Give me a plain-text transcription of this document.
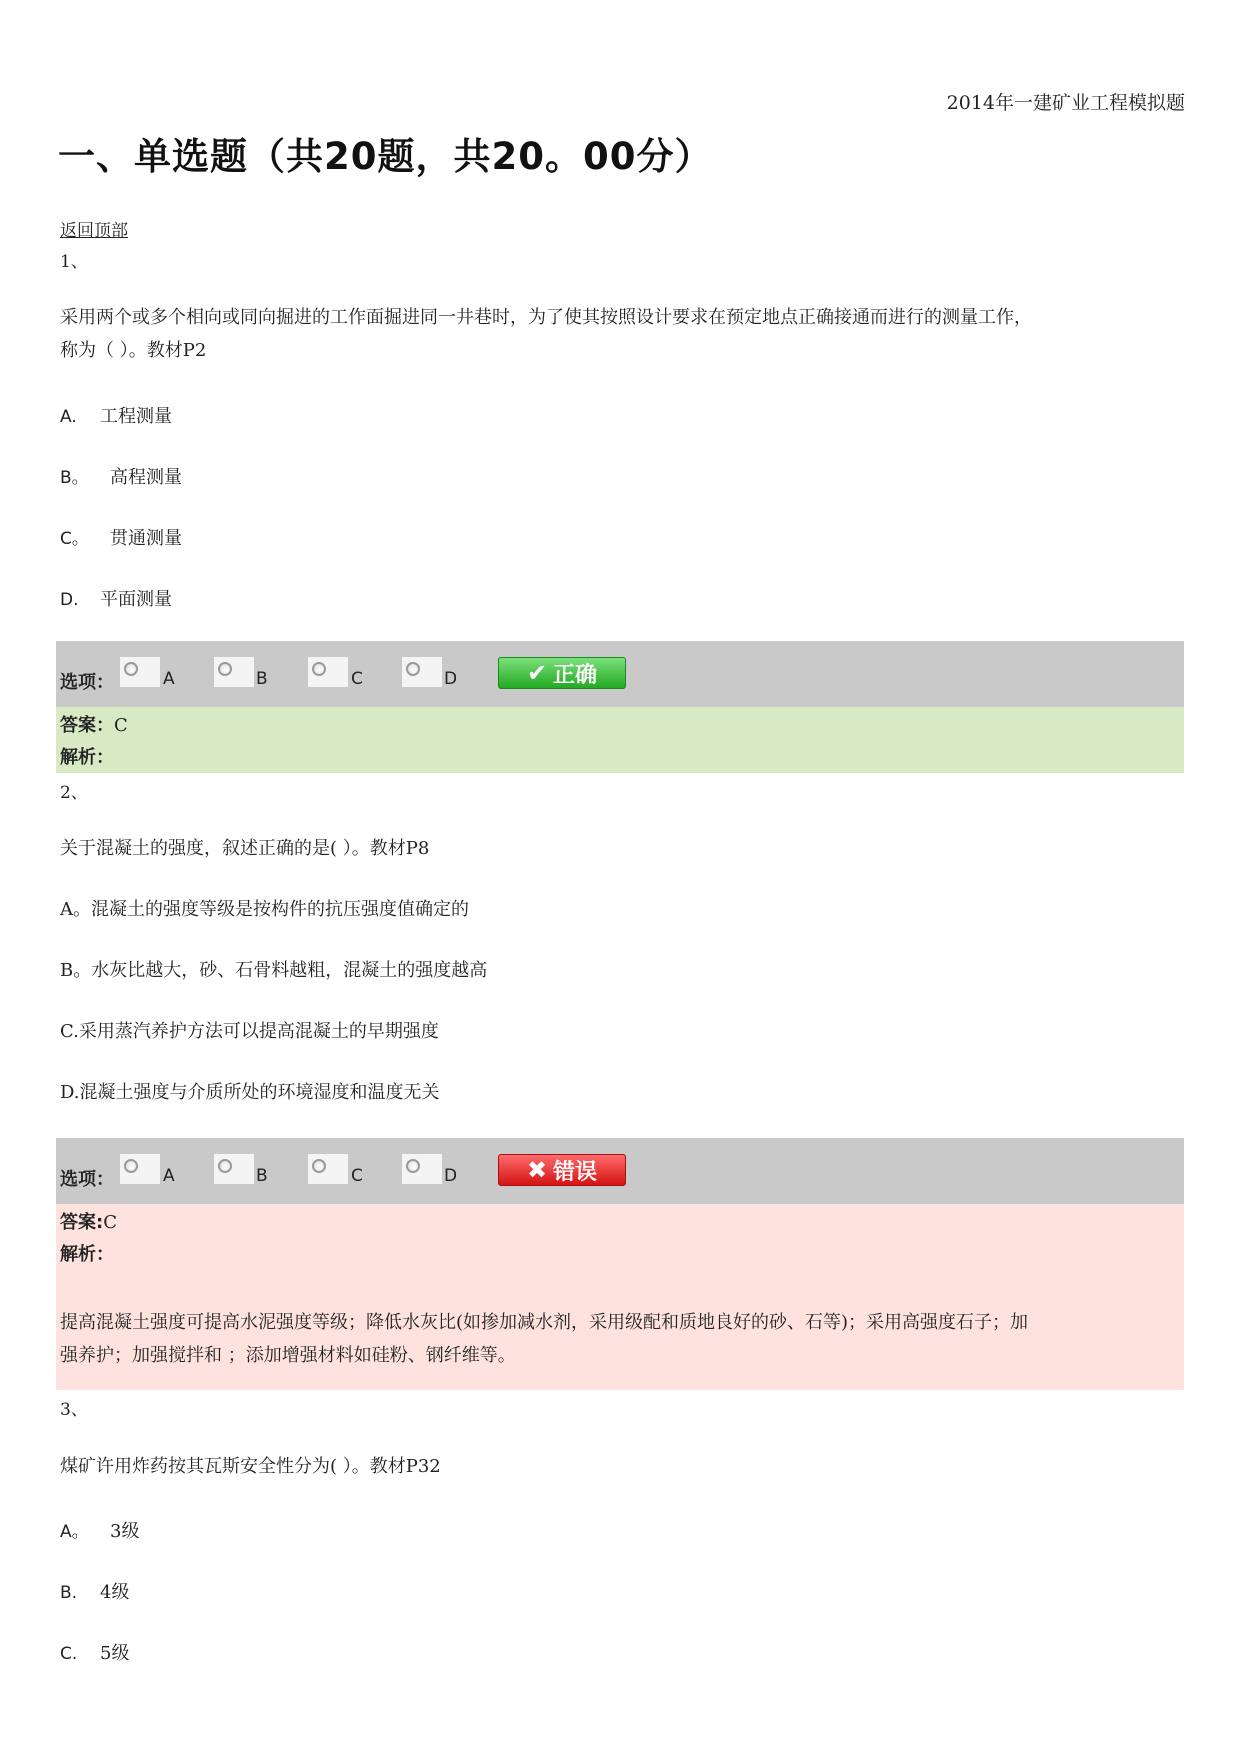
2014年一建矿业工程模拟题
一、单选题（共20题，共20。00分）
返回顶部
1、
采用两个或多个相向或同向掘进的工作面掘进同一井巷时，为了使其按照设计要求在预定地点正确接通而进行的测量工作，
称为（ ）。教材P2
A. 工程测量
B。 高程测量
C。 贯通测量
D. 平面测量
选项：	A	B	C	D	✔ 正确
答案：C
解析：
2、
关于混凝土的强度，叙述正确的是( ）。教材P8
A。混凝土的强度等级是按构件的抗压强度值确定的
B。水灰比越大，砂、石骨料越粗，混凝土的强度越高
C.采用蒸汽养护方法可以提高混凝土的早期强度
D.混凝土强度与介质所处的环境湿度和温度无关
选项：	A	B	C	D	✖ 错误
答案:C
解析：
提高混凝土强度可提高水泥强度等级；降低水灰比(如掺加减水剂，采用级配和质地良好的砂、石等)；采用高强度石子；加
强养护；加强搅拌和 ；添加增强材料如硅粉、钢纤维等。
3、
煤矿许用炸药按其瓦斯安全性分为( ）。教材P32
A。 3级
B. 4级
C. 5级
